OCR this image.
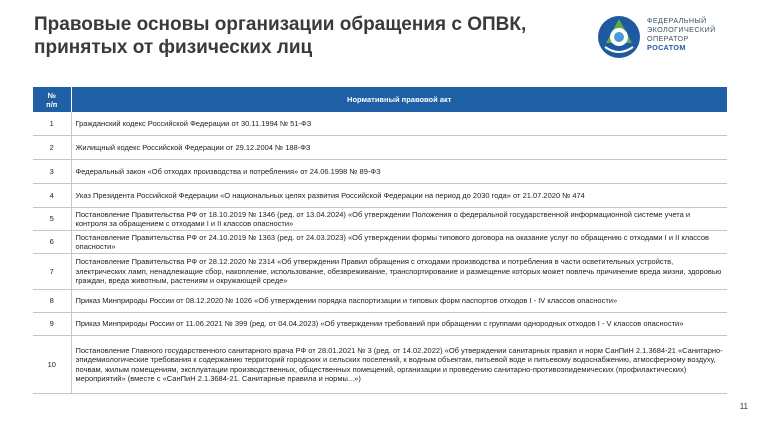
Правовые основы организации обращения с ОПВК,
принятых от физических лиц
ФЕДЕРАЛЬНЫЙ
ЭКОЛОГИЧЕСКИЙ
ОПЕРАТОР
РОСАТОМ
№
п/п	Нормативный правовой акт
1	Гражданский кодекс Российской Федерации от 30.11.1994 № 51-ФЗ
2	Жилищный кодекс Российской Федерации от 29.12.2004 № 188-ФЗ
3	Федеральный закон «Об отходах производства и потребления» от 24.06.1998 № 89-ФЗ
4	Указ Президента Российской Федерации «О национальных целях развития Российской Федерации на период до 2030 года» от 21.07.2020 № 474
5	Постановление Правительства РФ от 18.10.2019 № 1346 (ред. от 13.04.2024) «Об утверждении Положения о федеральной государственной информационной системе учета и контроля за обращением с отходами I и II классов опасности»
6	Постановление Правительства РФ от 24.10.2019 № 1363 (ред. от 24.03.2023) «Об утверждении формы типового договора на оказание услуг по обращению с отходами I и II классов опасности»
7	Постановление Правительства РФ от 28.12.2020 № 2314 «Об утверждении Правил обращения с отходами производства и потребления в части осветительных устройств, электрических ламп, ненадлежащие сбор, накопление, использование, обезвреживание, транспортирование и размещение которых может повлечь причинение вреда жизни, здоровью граждан, вреда животным, растениям и окружающей среде»
8	Приказ Минприроды России от 08.12.2020 № 1026 «Об утверждении порядка паспортизации и типовых форм паспортов отходов I - IV классов опасности»
9	Приказ Минприроды России от 11.06.2021 № 399 (ред. от 04.04.2023) «Об утверждении требований при обращении с группами однородных отходов I - V классов опасности»
10	Постановление Главного государственного санитарного врача РФ от 28.01.2021 № 3 (ред. от 14.02.2022) «Об утверждении санитарных правил и норм СанПиН 2.1.3684-21 «Санитарно-эпидемиологические требования к содержанию территорий городских и сельских поселений, к водным объектам, питьевой воде и питьевому водоснабжению, атмосферному воздуху, почвам, жилым помещениям, эксплуатации производственных, общественных помещений, организации и проведению санитарно-противоэпидемических (профилактических) мероприятий» (вместе с «СанПиН 2.1.3684-21. Санитарные правила и нормы...»)
11
